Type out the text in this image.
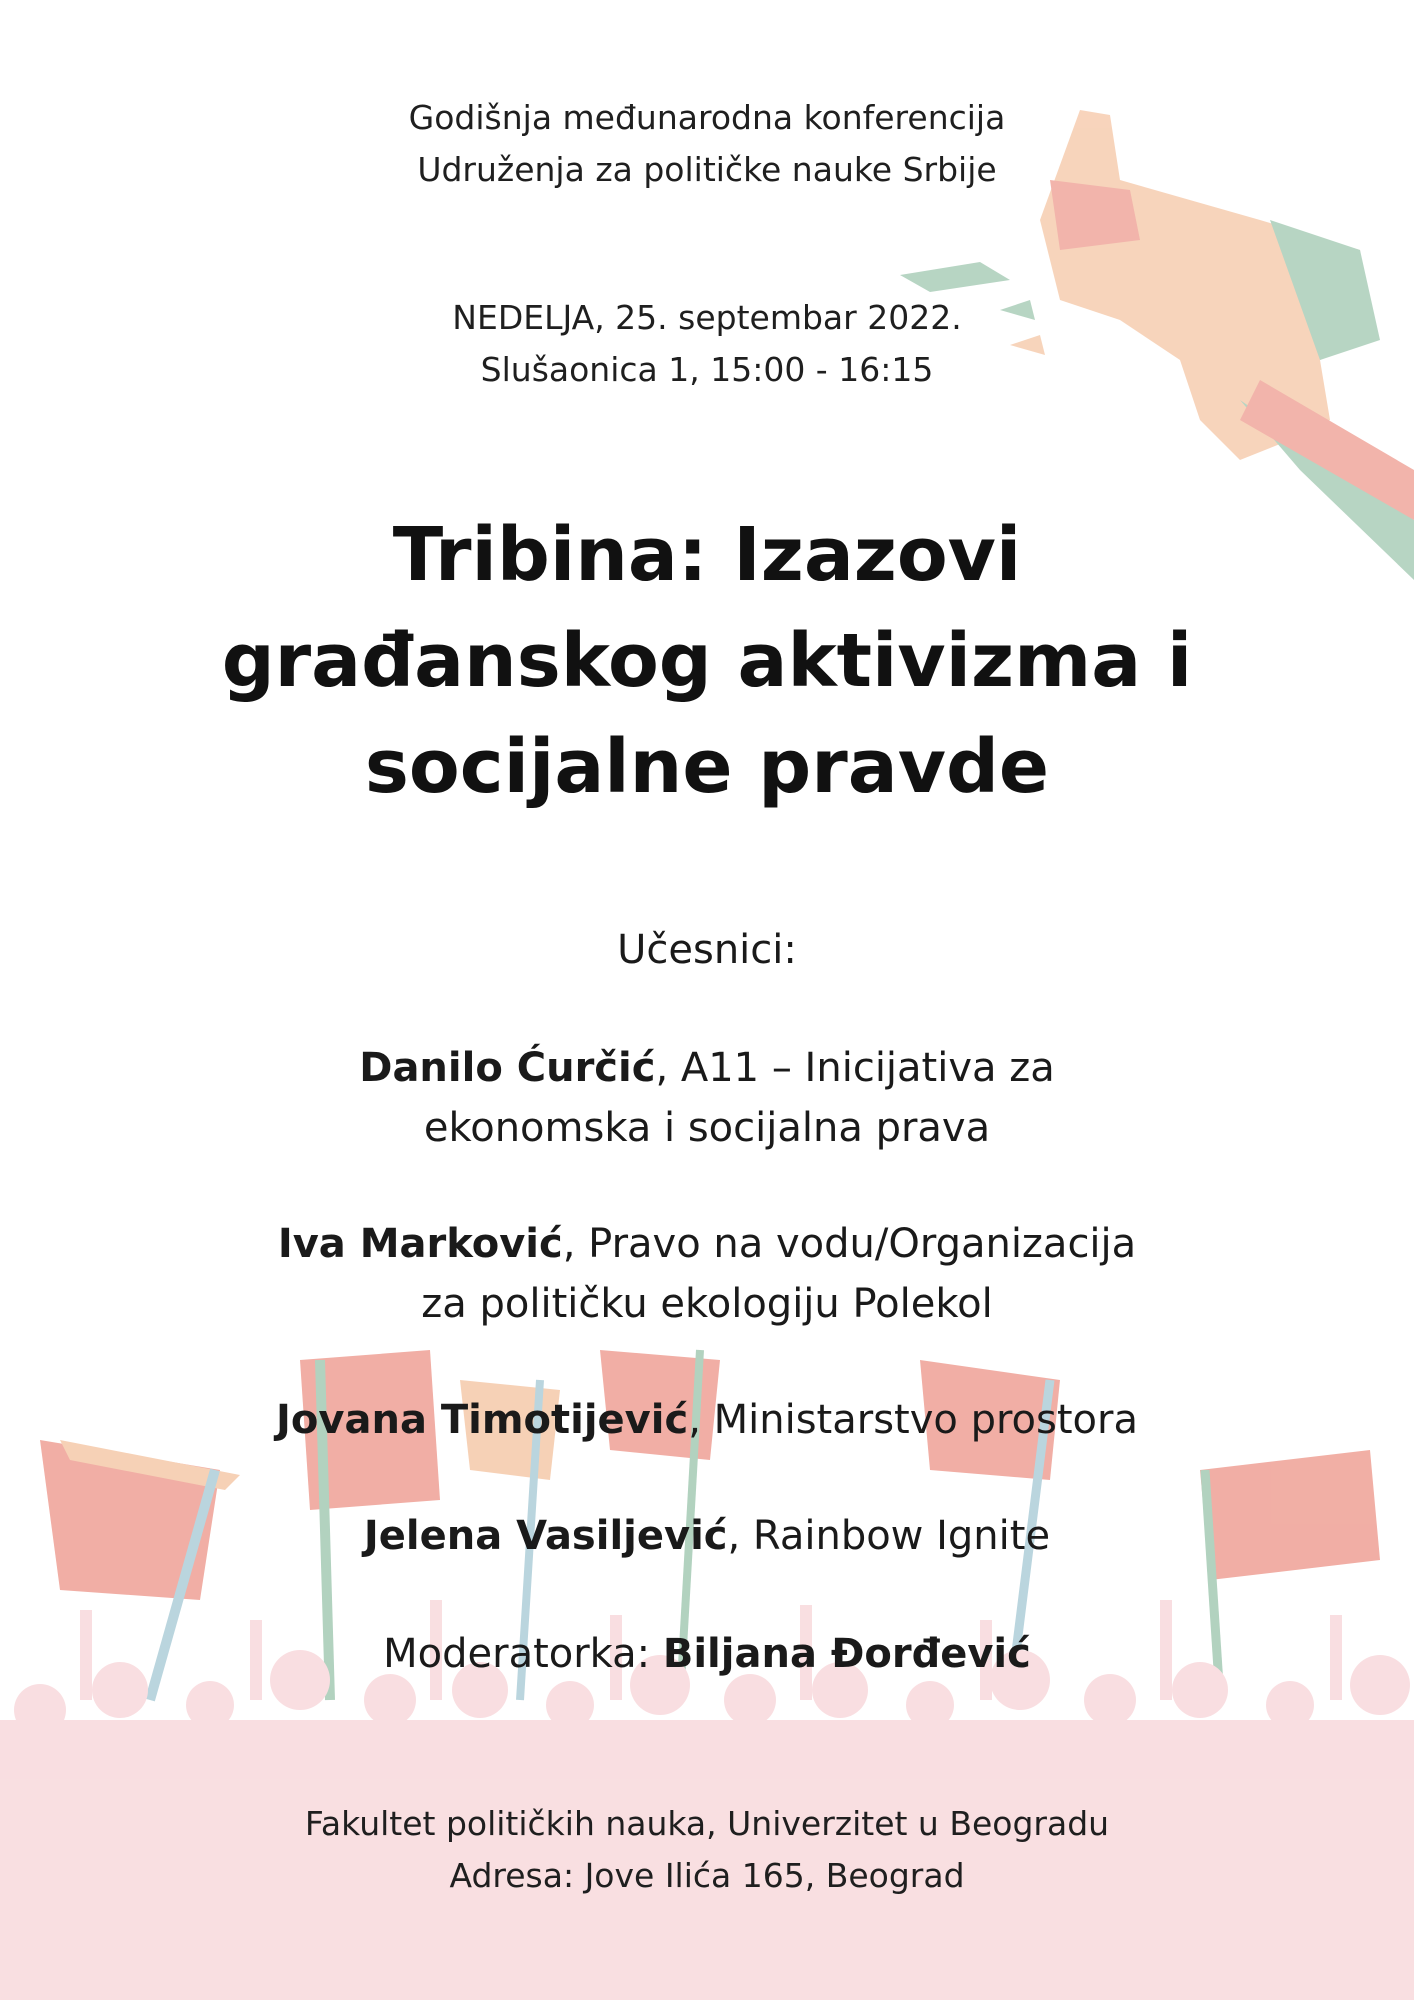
Godišnja međunarodna konferencija
Udruženja za političke nauke Srbije
NEDELJA, 25. septembar 2022.
Slušaonica 1, 15:00 - 16:15
Tribina: Izazovi
građanskog aktivizma i
socijalne pravde
Učesnici:
Danilo Ćurčić, A11 – Inicijativa za
ekonomska i socijalna prava
Iva Marković, Pravo na vodu/Organizacija
za političku ekologiju Polekol
Jovana Timotijević, Ministarstvo prostora
Jelena Vasiljević, Rainbow Ignite
Moderatorka: Biljana Đorđević
Fakultet političkih nauka, Univerzitet u Beogradu
Adresa: Jove Ilića 165, Beograd
